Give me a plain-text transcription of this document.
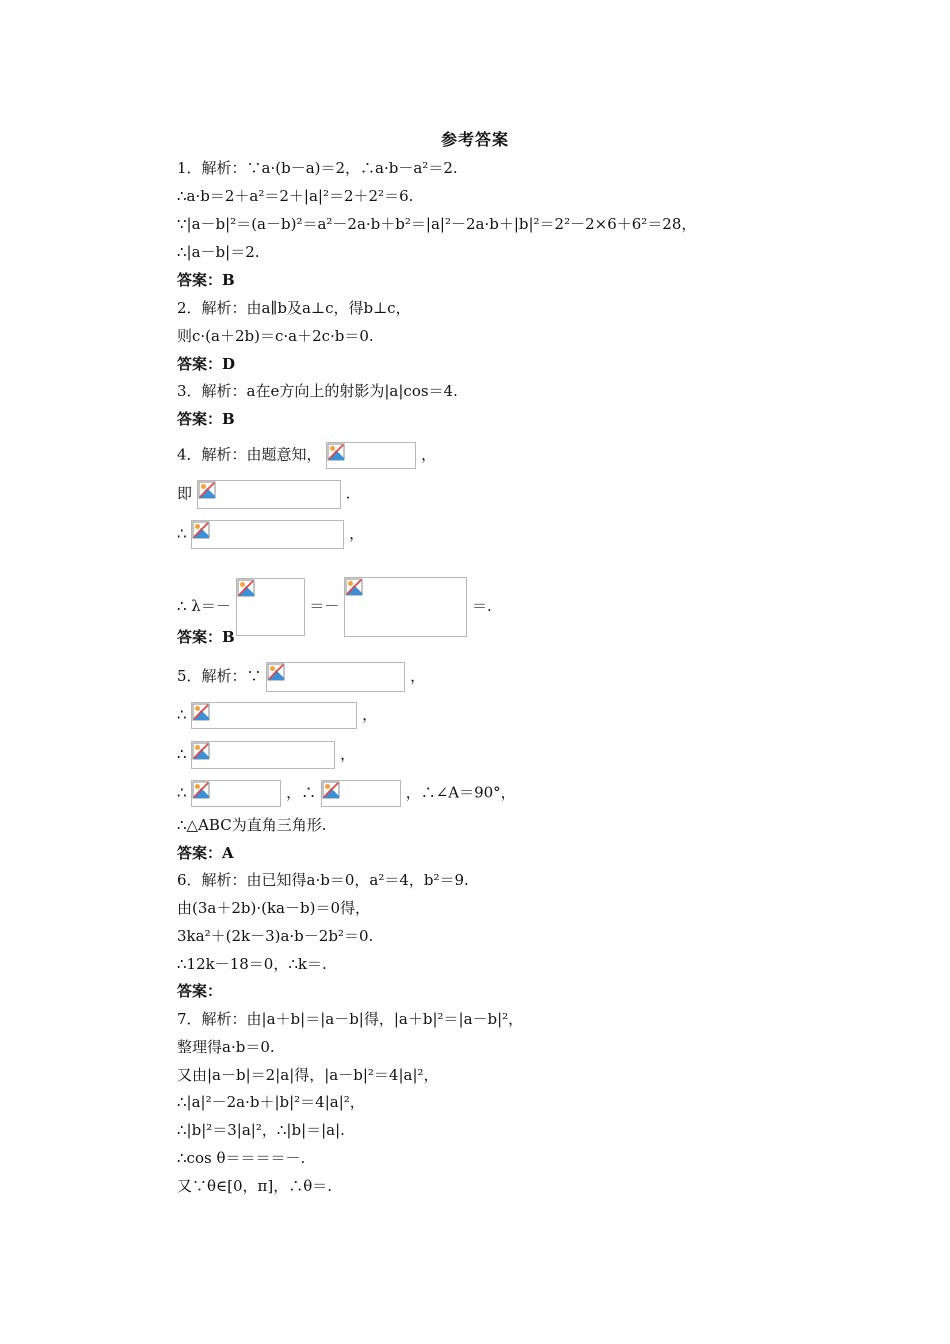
参考答案
1．解析：∵a·(b－a)＝2，∴a·b－a²＝2.
∴a·b＝2＋a²＝2＋|a|²＝2＋2²＝6.
∵|a－b|²＝(a－b)²＝a²－2a·b＋b²＝|a|²－2a·b＋|b|²＝2²－2×6＋6²＝28，
∴|a－b|＝2.
答案：B
2．解析：由a∥b及a⊥c，得b⊥c，
则c·(a＋2b)＝c·a＋2c·b＝0.
答案：D
3．解析：a在e方向上的射影为|a|cos＝4.
答案：B
4．解析：由题意知，	，
即	.
∴	，
∴ λ＝－	＝－	＝.
答案：B
5．解析：∵	，
∴	，
∴	，
∴	，∴	，∴∠A＝90°，
∴△ABC为直角三角形.
答案：A
6．解析：由已知得a·b＝0，a²＝4，b²＝9.
由(3a＋2b)·(ka－b)＝0得，
3ka²＋(2k－3)a·b－2b²＝0.
∴12k－18＝0，∴k＝.
答案：
7．解析：由|a＋b|＝|a－b|得，|a＋b|²＝|a－b|²，
整理得a·b＝0.
又由|a－b|＝2|a|得，|a－b|²＝4|a|²，
∴|a|²－2a·b＋|b|²＝4|a|²，
∴|b|²＝3|a|²，∴|b|＝|a|.
∴cos θ＝＝＝＝－.
又∵θ∈[0，π]，∴θ＝.
